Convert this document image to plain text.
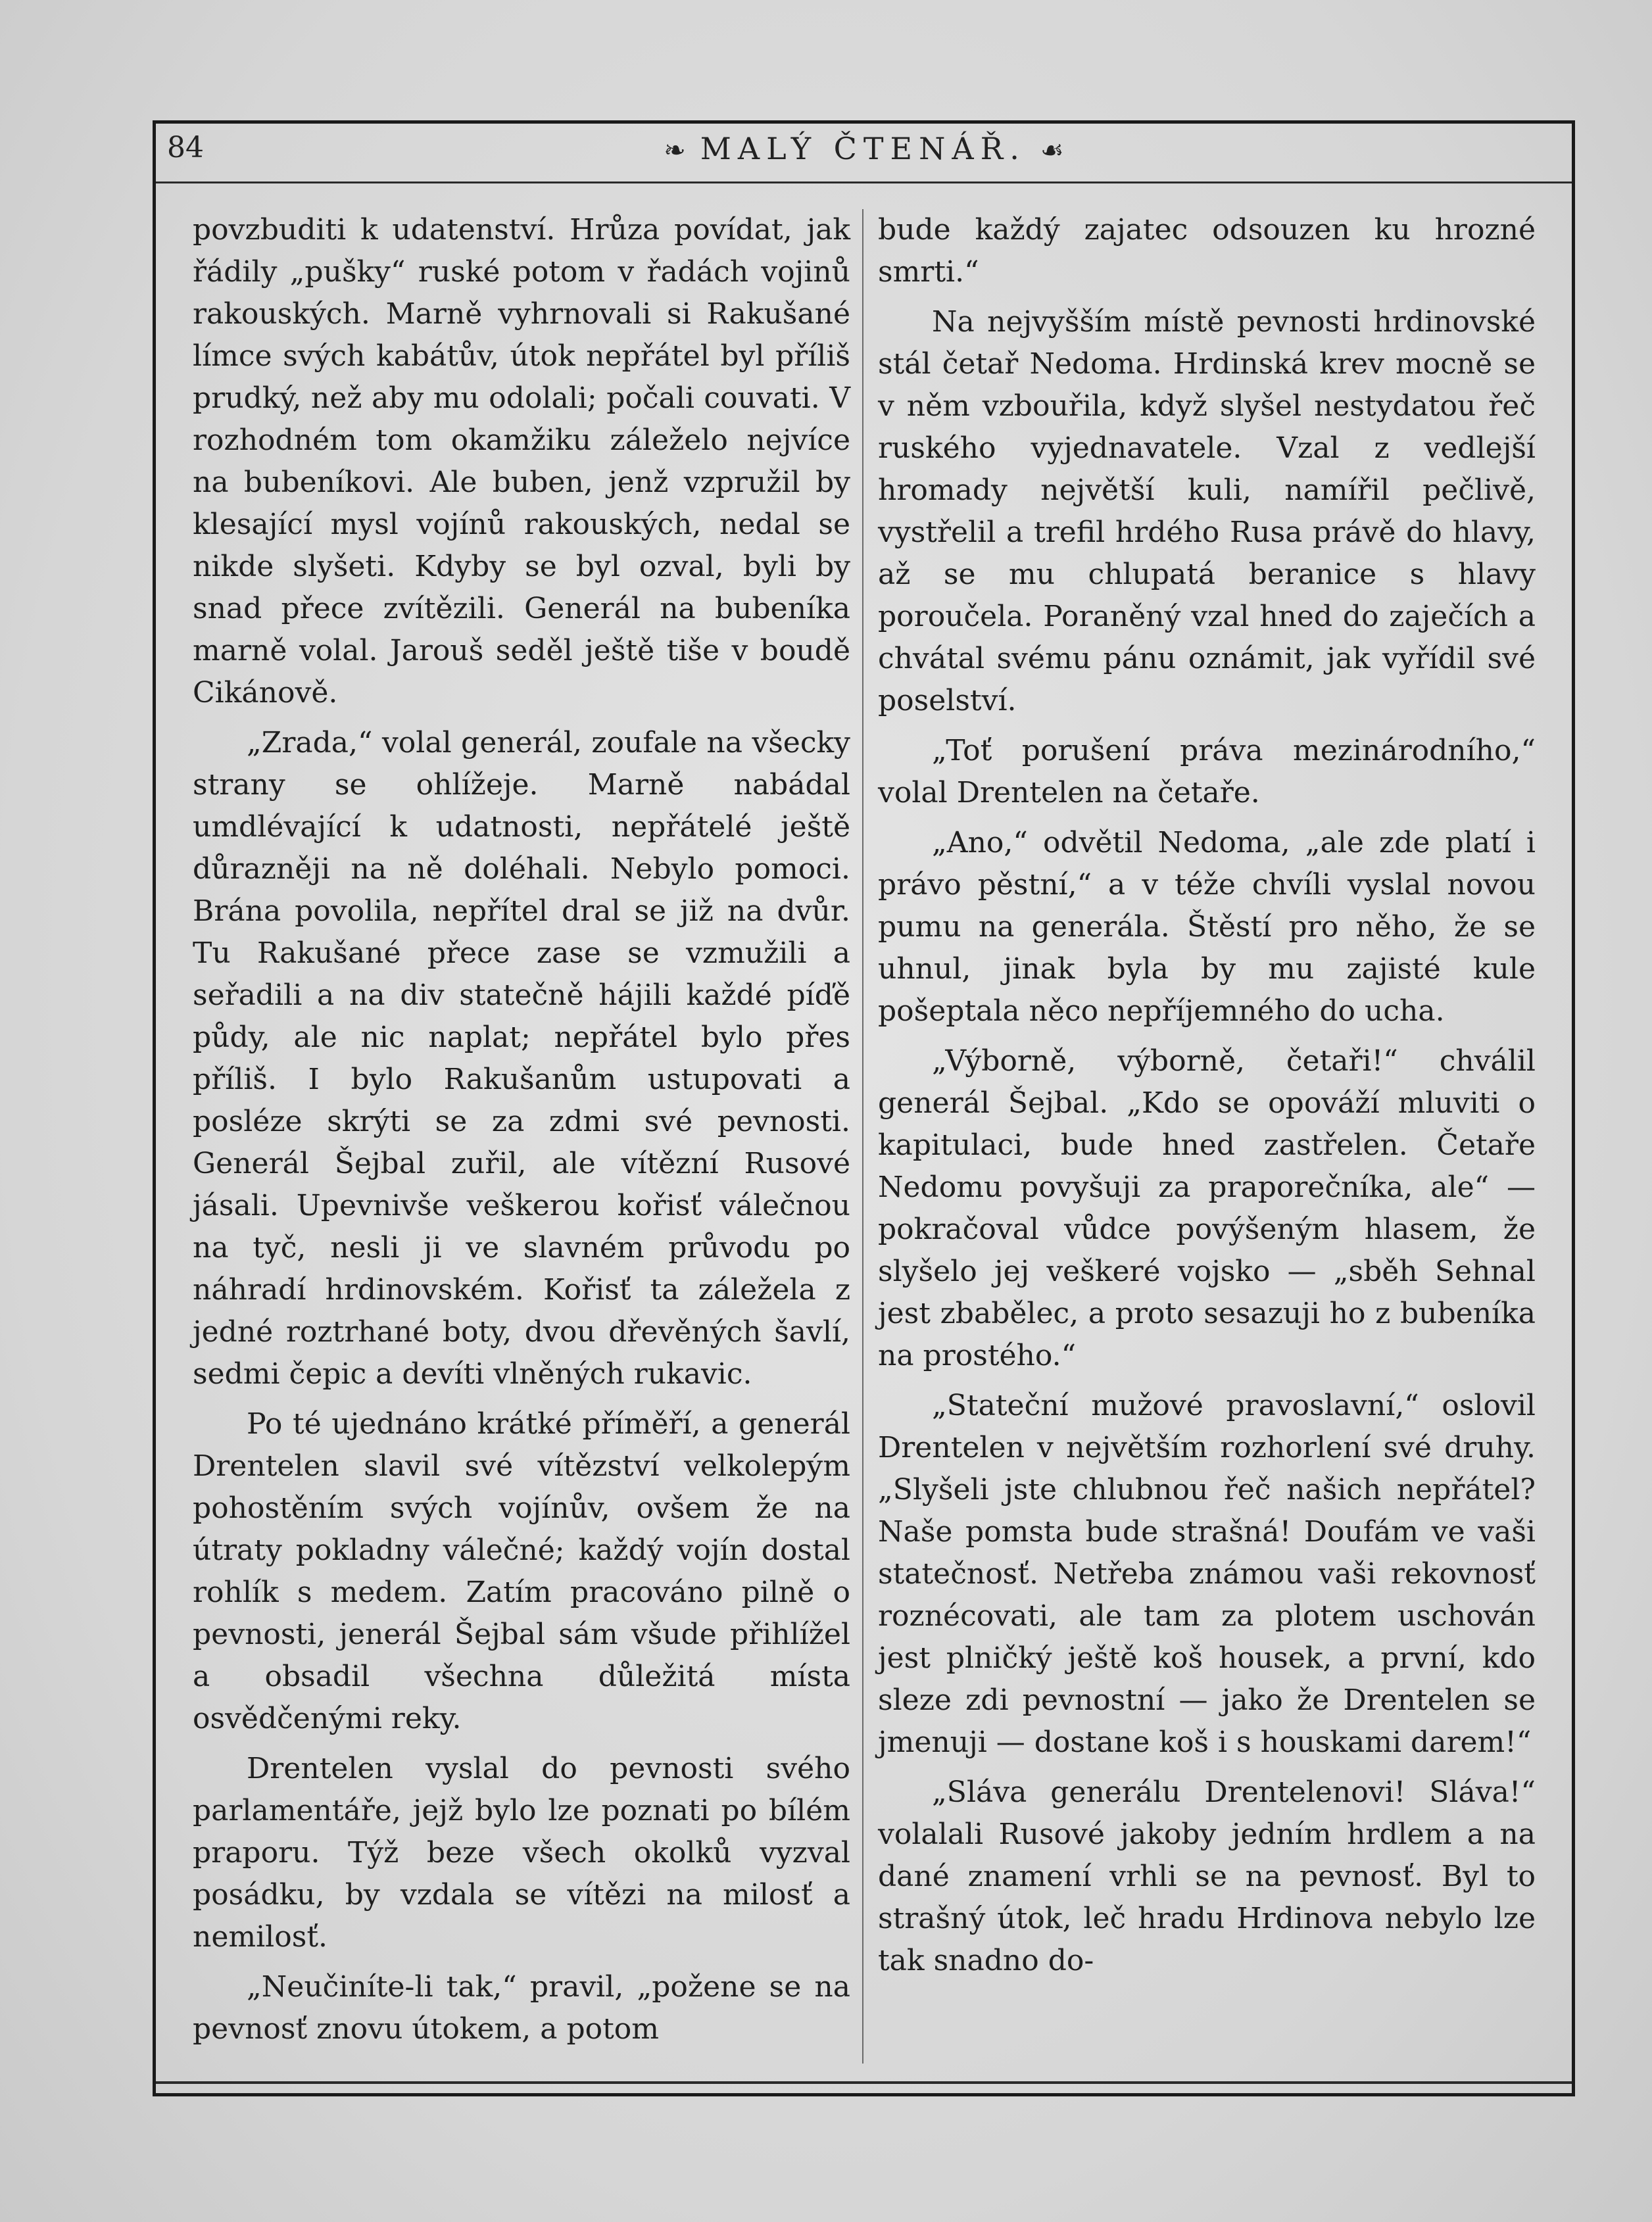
84	❧ MALÝ ČTENÁŘ. ☙

povzbuditi k udatenství. Hrůza povídat, jak řádily „pušky“ ruské potom v řadách vojinů rakouských. Marně vyhrnovali si Rakušané límce svých kabátův, útok nepřátel byl příliš prudký, než aby mu odolali; počali couvati. V rozhodném tom okamžiku záleželo nejvíce na bubeníkovi. Ale buben, jenž vzpružil by klesající mysl vojínů rakouských, nedal se nikde slyšeti. Kdyby se byl ozval, byli by snad přece zvítězili. Generál na bubeníka marně volal. Jarouš seděl ještě tiše v boudě Cikánově.

„Zrada,“ volal generál, zoufale na všecky strany se ohlížeje. Marně nabádal umdlévající k udatnosti, nepřátelé ještě důrazněji na ně doléhali. Nebylo pomoci. Brána povolila, nepřítel dral se již na dvůr. Tu Rakušané přece zase se vzmužili a seřadili a na div statečně hájili každé píďě půdy, ale nic naplat; nepřátel bylo přes příliš. I bylo Rakušanům ustupovati a posléze skrýti se za zdmi své pevnosti. Generál Šejbal zuřil, ale vítězní Rusové jásali. Upevnivše veškerou kořisť válečnou na tyč, nesli ji ve slavném průvodu po náhradí hrdinovském. Kořisť ta záležela z jedné roztrhané boty, dvou dřevěných šavlí, sedmi čepic a devíti vlněných rukavic.

Po té ujednáno krátké příměří, a generál Drentelen slavil své vítězství velkolepým pohostěním svých vojínův, ovšem že na útraty pokladny válečné; každý vojín dostal rohlík s medem. Zatím pracováno pilně o pevnosti, jenerál Šejbal sám všude přihlížel a obsadil všechna důležitá místa osvědčenými reky.

Drentelen vyslal do pevnosti svého parlamentáře, jejž bylo lze poznati po bílém praporu. Týž beze všech okolků vyzval posádku, by vzdala se vítězi na milosť a nemilosť.

„Neučiníte-li tak,“ pravil, „požene se na pevnosť znovu útokem, a potom

bude každý zajatec odsouzen ku hrozné smrti.“

Na nejvyšším místě pevnosti hrdinovské stál četař Nedoma. Hrdinská krev mocně se v něm vzbouřila, když slyšel nestydatou řeč ruského vyjednavatele. Vzal z vedlejší hromady největší kuli, namířil pečlivě, vystřelil a trefil hrdého Rusa právě do hlavy, až se mu chlupatá beranice s hlavy poroučela. Poraněný vzal hned do zaječích a chvátal svému pánu oznámit, jak vyřídil své poselství.

„Toť porušení práva mezinárodního,“ volal Drentelen na četaře.

„Ano,“ odvětil Nedoma, „ale zde platí i právo pěstní,“ a v téže chvíli vyslal novou pumu na generála. Štěstí pro něho, že se uhnul, jinak byla by mu zajisté kule pošeptala něco nepříjemného do ucha.

„Výborně, výborně, četaři!“ chválil generál Šejbal. „Kdo se opováží mluviti o kapitulaci, bude hned zastřelen. Četaře Nedomu povyšuji za praporečníka, ale“ — pokračoval vůdce povýšeným hlasem, že slyšelo jej veškeré vojsko — „sběh Sehnal jest zbabělec, a proto sesazuji ho z bubeníka na prostého.“

„Stateční mužové pravoslavní,“ oslovil Drentelen v největším rozhorlení své druhy. „Slyšeli jste chlubnou řeč našich nepřátel? Naše pomsta bude strašná! Doufám ve vaši statečnosť. Netřeba známou vaši rekovnosť roznécovati, ale tam za plotem uschován jest plničký ještě koš housek, a první, kdo sleze zdi pevnostní — jako že Drentelen se jmenuji — dostane koš i s houskami darem!“

„Sláva generálu Drentelenovi! Sláva!“ volalali Rusové jakoby jedním hrdlem a na dané znamení vrhli se na pevnosť. Byl to strašný útok, leč hradu Hrdinova nebylo lze tak snadno do-
